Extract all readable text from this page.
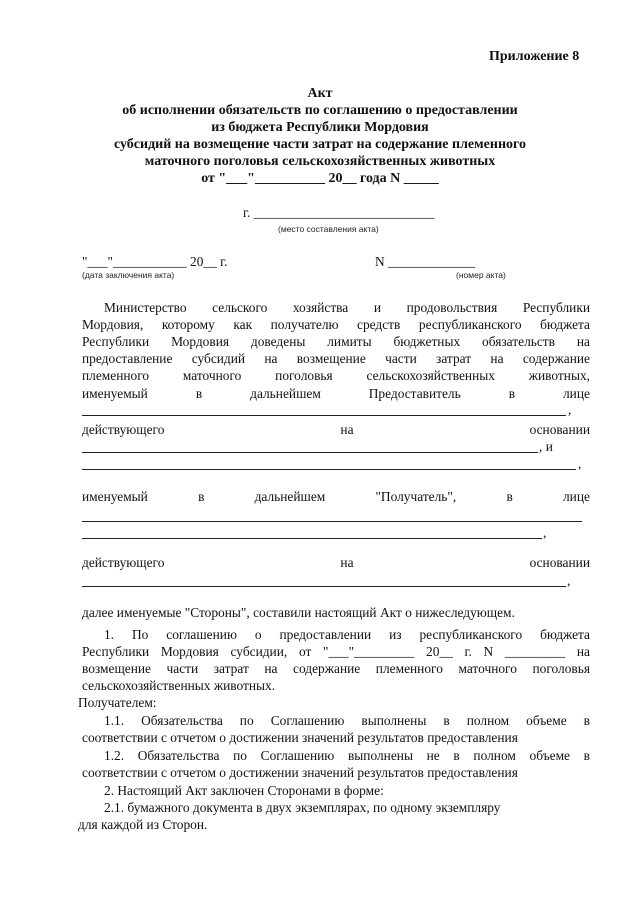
Приложение 8
Акт
об исполнении обязательств по соглашению о предоставлении
из бюджета Республики Мордовия
субсидий на возмещение части затрат на содержание племенного
маточного поголовья сельскохозяйственных животных
от "___"__________ 20__ года N _____
г. ___________________________
(место составления акта)
"___"___________ 20__ г.
(дата заключения акта)
N _____________
(номер акта)
Министерство сельского хозяйства и продовольствия Республики
Мордовия, которому как получателю средств республиканского бюджета
Республики Мордовия доведены лимиты бюджетных обязательств на
предоставление субсидий на возмещение части затрат на содержание
племенного маточного поголовья сельскохозяйственных животных,
именуемый	в	дальнейшем	Предоставитель	в	лице
,
действующего	на	основании
, и
,
именуемый	в	дальнейшем	"Получатель",	в	лице
,
действующего	на	основании
,
далее именуемые "Стороны", составили настоящий Акт о нижеследующем.
1. По соглашению о предоставлении из республиканского бюджета
Республики Мордовия субсидии, от "___"_________ 20__ г. N _________ на
возмещение части затрат на содержание племенного маточного поголовья
сельскохозяйственных животных.
Получателем:
1.1. Обязательства по Соглашению выполнены в полном объеме в
соответствии с отчетом о достижении значений результатов предоставления
1.2. Обязательства по Соглашению выполнены не в полном объеме в
соответствии с отчетом о достижении значений результатов предоставления
2. Настоящий Акт заключен Сторонами в форме:
2.1. бумажного документа в двух экземплярах, по одному экземпляру
для каждой из Сторон.
